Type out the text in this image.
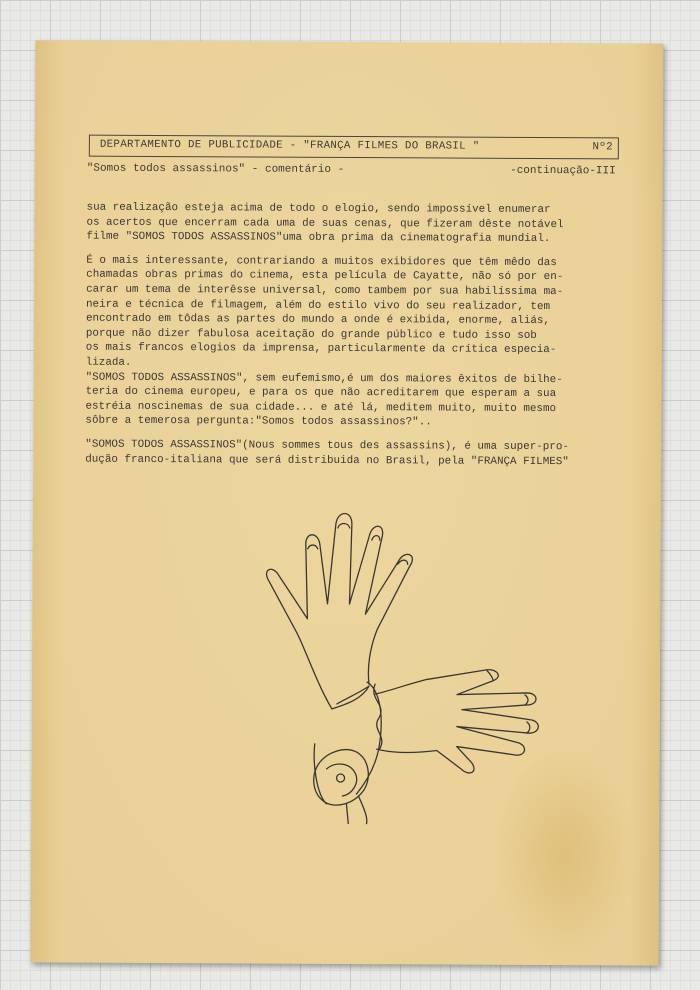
DEPARTAMENTO DE PUBLICIDADE - "FRANÇA FILMES DO BRASIL "	Nº2
"Somos todos assassinos" - comentário -	-continuação-III

sua realização esteja acima de todo o elogio, sendo impossível enumerar

os acertos que encerram cada uma de suas cenas, que fizeram dêste notável

filme "SOMOS TODOS ASSASSINOS"uma obra prima da cinematografia mundial.

É o mais interessante, contrariando a muitos exibidores que têm mêdo das

chamadas obras primas do cinema, esta película de Cayatte, não só por en-

carar um tema de interêsse universal, como tambem por sua habilíssima ma-

neira e técnica de filmagem, além do estilo vivo do seu realizador, tem

encontrado em tôdas as partes do mundo a onde é exibida, enorme, aliás,

porque não dizer fabulosa aceitação do grande público e tudo isso sob

os mais francos elogios da imprensa, particularmente da crítica especia-

lizada.

"SOMOS TODOS ASSASSINOS", sem eufemismo,é um dos maiores êxitos de bilhe-

teria do cinema europeu, e para os que não acreditarem que esperam a sua

estréia noscinemas de sua cidade... e até lá, meditem muito, muito mesmo

sôbre a temerosa pergunta:"Somos todos assassinos?"..

"SOMOS TODOS ASSASSINOS"(Nous sommes tous des assassins), é uma super-pro-

dução franco-italiana que será distribuida no Brasil, pela "FRANÇA FILMES"
